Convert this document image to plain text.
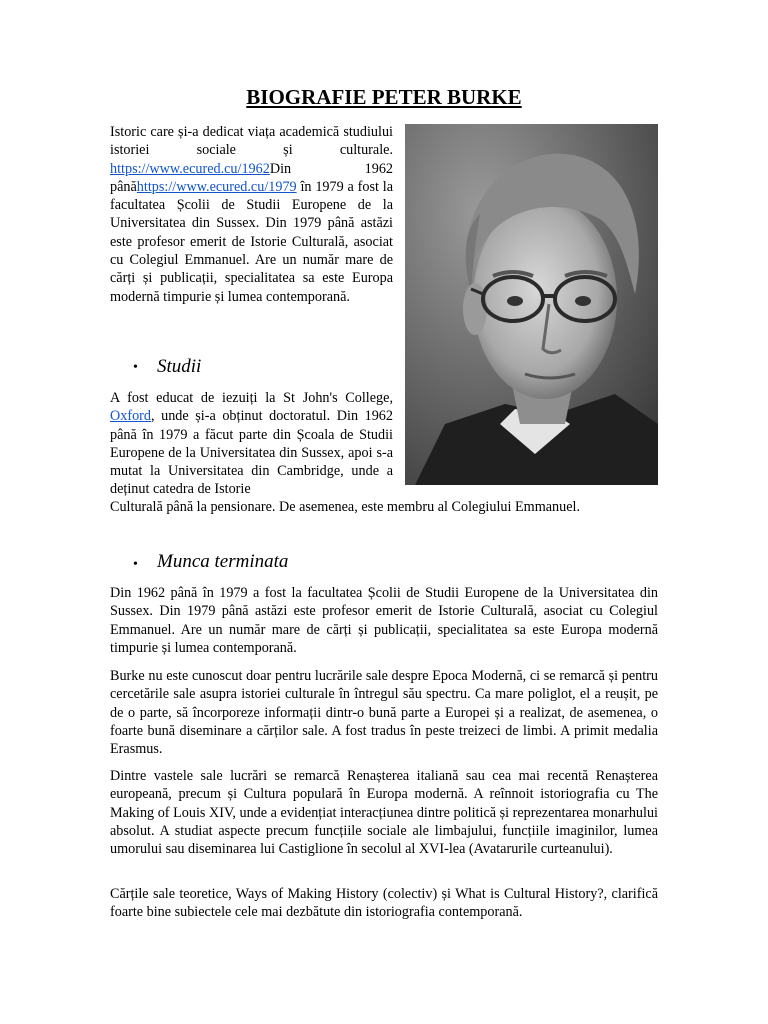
BIOGRAFIE PETER BURKE

Istoric care și-a dedicat viața academică studiului istoriei sociale și culturale. https://www.ecured.cu/1962Din 1962 pânăhttps://www.ecured.cu/1979 în 1979 a fost la facultatea Școlii de Studii Europene de la Universitatea din Sussex. Din 1979 până astăzi este profesor emerit de Istorie Culturală, asociat cu Colegiul Emmanuel. Are un număr mare de cărți și publicații, specialitatea sa este Europa modernă timpurie și lumea contemporană.

• Studii

A fost educat de iezuiți la St John's College, Oxford, unde și-a obținut doctoratul. Din 1962 până în 1979 a făcut parte din Școala de Studii Europene de la Universitatea din Sussex, apoi s-a mutat la Universitatea din Cambridge, unde a deținut catedra de Istorie

Culturală până la pensionare. De asemenea, este membru al Colegiului Emmanuel.

• Munca terminata

Din 1962 până în 1979 a fost la facultatea Școlii de Studii Europene de la Universitatea din Sussex. Din 1979 până astăzi este profesor emerit de Istorie Culturală, asociat cu Colegiul Emmanuel. Are un număr mare de cărți și publicații, specialitatea sa este Europa modernă timpurie și lumea contemporană.

Burke nu este cunoscut doar pentru lucrările sale despre Epoca Modernă, ci se remarcă și pentru cercetările sale asupra istoriei culturale în întregul său spectru. Ca mare poliglot, el a reușit, pe de o parte, să încorporeze informații dintr-o bună parte a Europei și a realizat, de asemenea, o foarte bună diseminare a cărților sale. A fost tradus în peste treizeci de limbi. A primit medalia Erasmus.

Dintre vastele sale lucrări se remarcă Renașterea italiană sau cea mai recentă Renașterea europeană, precum și Cultura populară în Europa modernă. A reînnoit istoriografia cu The Making of Louis XIV, unde a evidențiat interacțiunea dintre politică și reprezentarea monarhului absolut. A studiat aspecte precum funcțiile sociale ale limbajului, funcțiile imaginilor, lumea umorului sau diseminarea lui Castiglione în secolul al XVI-lea (Avatarurile curteanului).

Cărțile sale teoretice, Ways of Making History (colectiv) și What is Cultural History?, clarifică foarte bine subiectele cele mai dezbătute din istoriografia contemporană.
